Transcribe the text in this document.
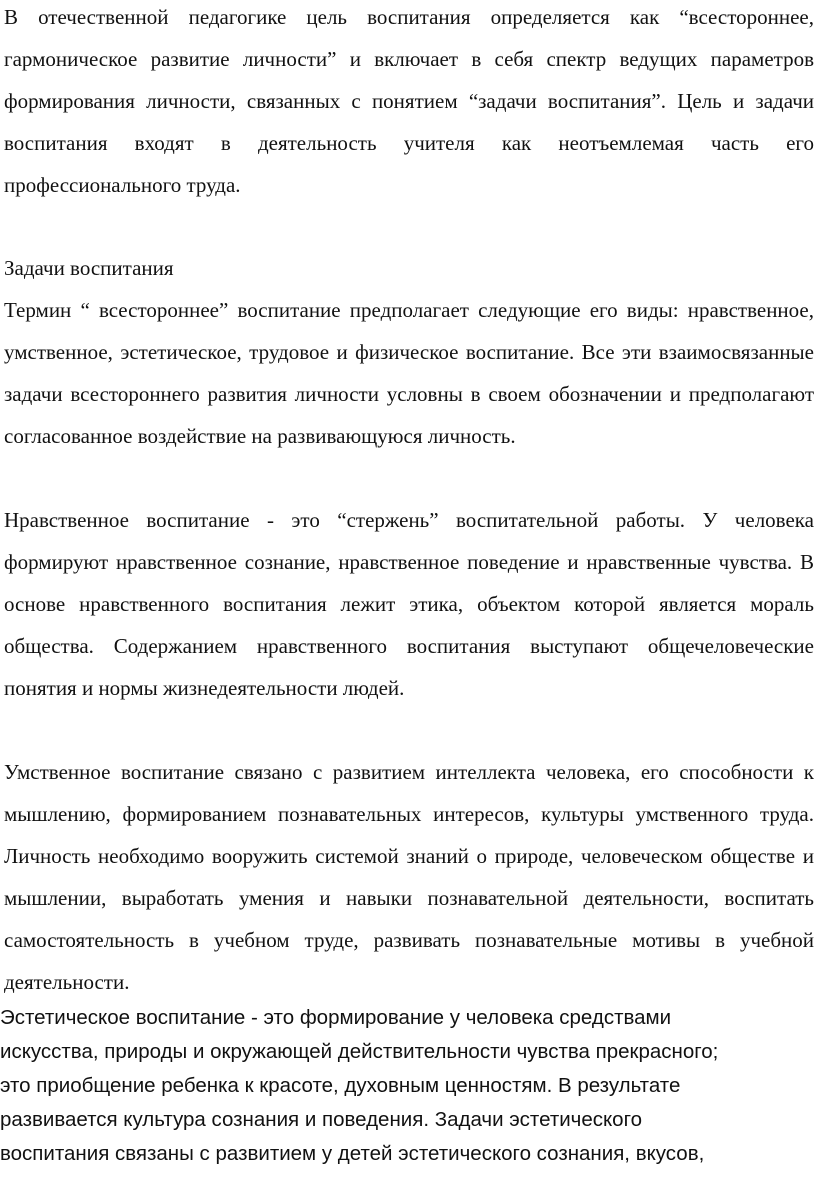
В отечественной педагогике цель воспитания определяется как “всестороннее, гармоническое развитие личности” и включает в себя спектр ведущих параметров формирования личности, связанных с понятием “задачи воспитания”. Цель и задачи воспитания входят в деятельность учителя как неотъемлемая часть его профессионального труда.

Задачи воспитания

Термин “ всестороннее” воспитание предполагает следующие его виды: нравственное, умственное, эстетическое, трудовое и физическое воспитание. Все эти взаимосвязанные задачи всестороннего развития личности условны в своем обозначении и предполагают согласованное воздействие на развивающуюся личность.

Нравственное воспитание - это “стержень” воспитательной работы. У человека формируют нравственное сознание, нравственное поведение и нравственные чувства. В основе нравственного воспитания лежит этика, объектом которой является мораль общества. Содержанием нравственного воспитания выступают общечеловеческие понятия и нормы жизнедеятельности людей.

Умственное воспитание связано с развитием интеллекта человека, его способности к мышлению, формированием познавательных интересов, культуры умственного труда. Личность необходимо вооружить системой знаний о природе, человеческом обществе и мышлении, выработать умения и навыки познавательной деятельности, воспитать самостоятельность в учебном труде, развивать познавательные мотивы в учебной деятельности.

Эстетическое воспитание - это формирование у человека средствами
искусства, природы и окружающей действительности чувства прекрасного;
это приобщение ребенка к красоте, духовным ценностям. В результате
развивается культура сознания и поведения. Задачи эстетического
воспитания связаны с развитием у детей эстетического сознания, вкусов,
